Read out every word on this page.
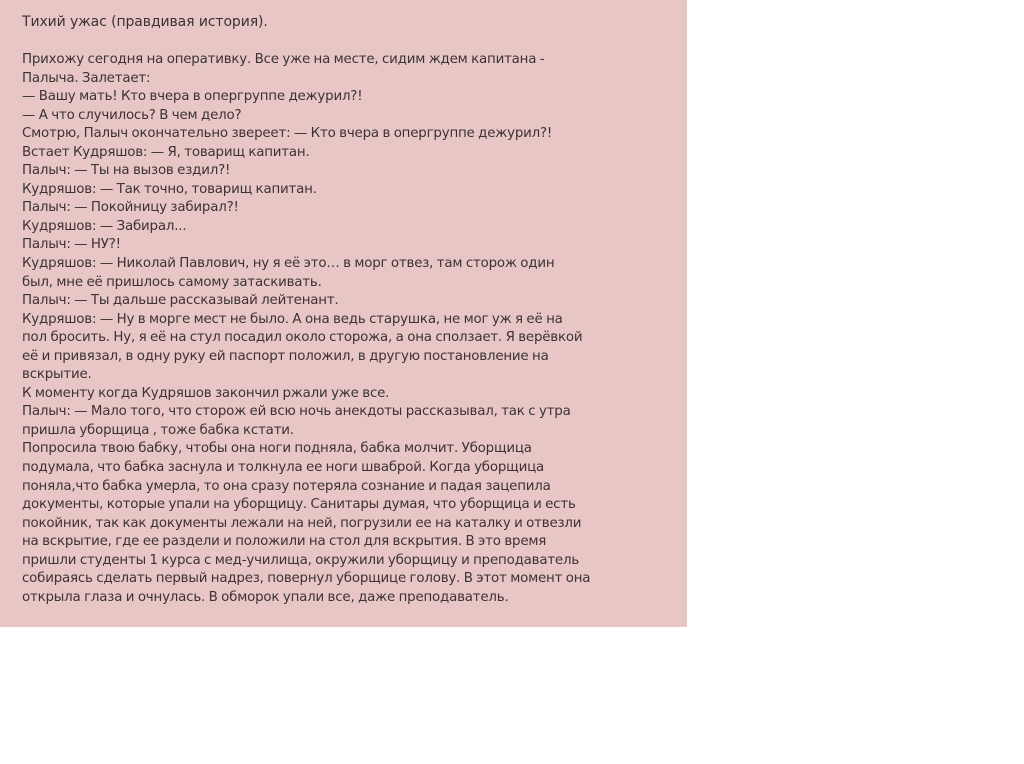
Тихий ужас (правдивая история).
Прихожу сегодня на оперативку. Все уже на месте, сидим ждем капитана -
Палыча. Залетает:
— Вашу мать! Кто вчера в опергруппе дежурил?!
— А что случилось? В чем дело?
Смотрю, Палыч окончательно звереет: — Кто вчера в опергруппе дежурил?!
Встает Кудряшов: — Я, товарищ капитан.
Палыч: — Ты на вызов ездил?!
Кудряшов: — Так точно, товарищ капитан.
Палыч: — Покойницу забирал?!
Кудряшов: — Забирал...
Палыч: — НУ?!
Кудряшов: — Николай Павлович, ну я её это… в морг отвез, там сторож один
был, мне её пришлось самому затаскивать.
Палыч: — Ты дальше рассказывай лейтенант.
Кудряшов: — Ну в морге мест не было. А она ведь старушка, не мог уж я её на
пол бросить. Ну, я её на стул посадил около сторожа, а она сползает. Я верёвкой
её и привязал, в одну руку ей паспорт положил, в другую постановление на
вскрытие.
К моменту когда Кудряшов закончил ржали уже все.
Палыч: — Мало того, что сторож ей всю ночь анекдоты рассказывал, так с утра
пришла уборщица , тоже бабка кстати.
Попросила твою бабку, чтобы она ноги подняла, бабка молчит. Уборщица
подумала, что бабка заснула и толкнула ее ноги шваброй. Когда уборщица
поняла,что бабка умерла, то она сразу потеряла сознание и падая зацепила
документы, которые упали на уборщицу. Санитары думая, что уборщица и есть
покойник, так как документы лежали на ней, погрузили ее на каталку и отвезли
на вскрытие, где ее раздели и положили на стол для вскрытия. В это время
пришли студенты 1 курса с мед-училища, окружили уборщицу и преподаватель
собираясь сделать первый надрез, повернул уборщице голову. В этот момент она
открыла глаза и очнулась. В обморок упали все, даже преподаватель.
